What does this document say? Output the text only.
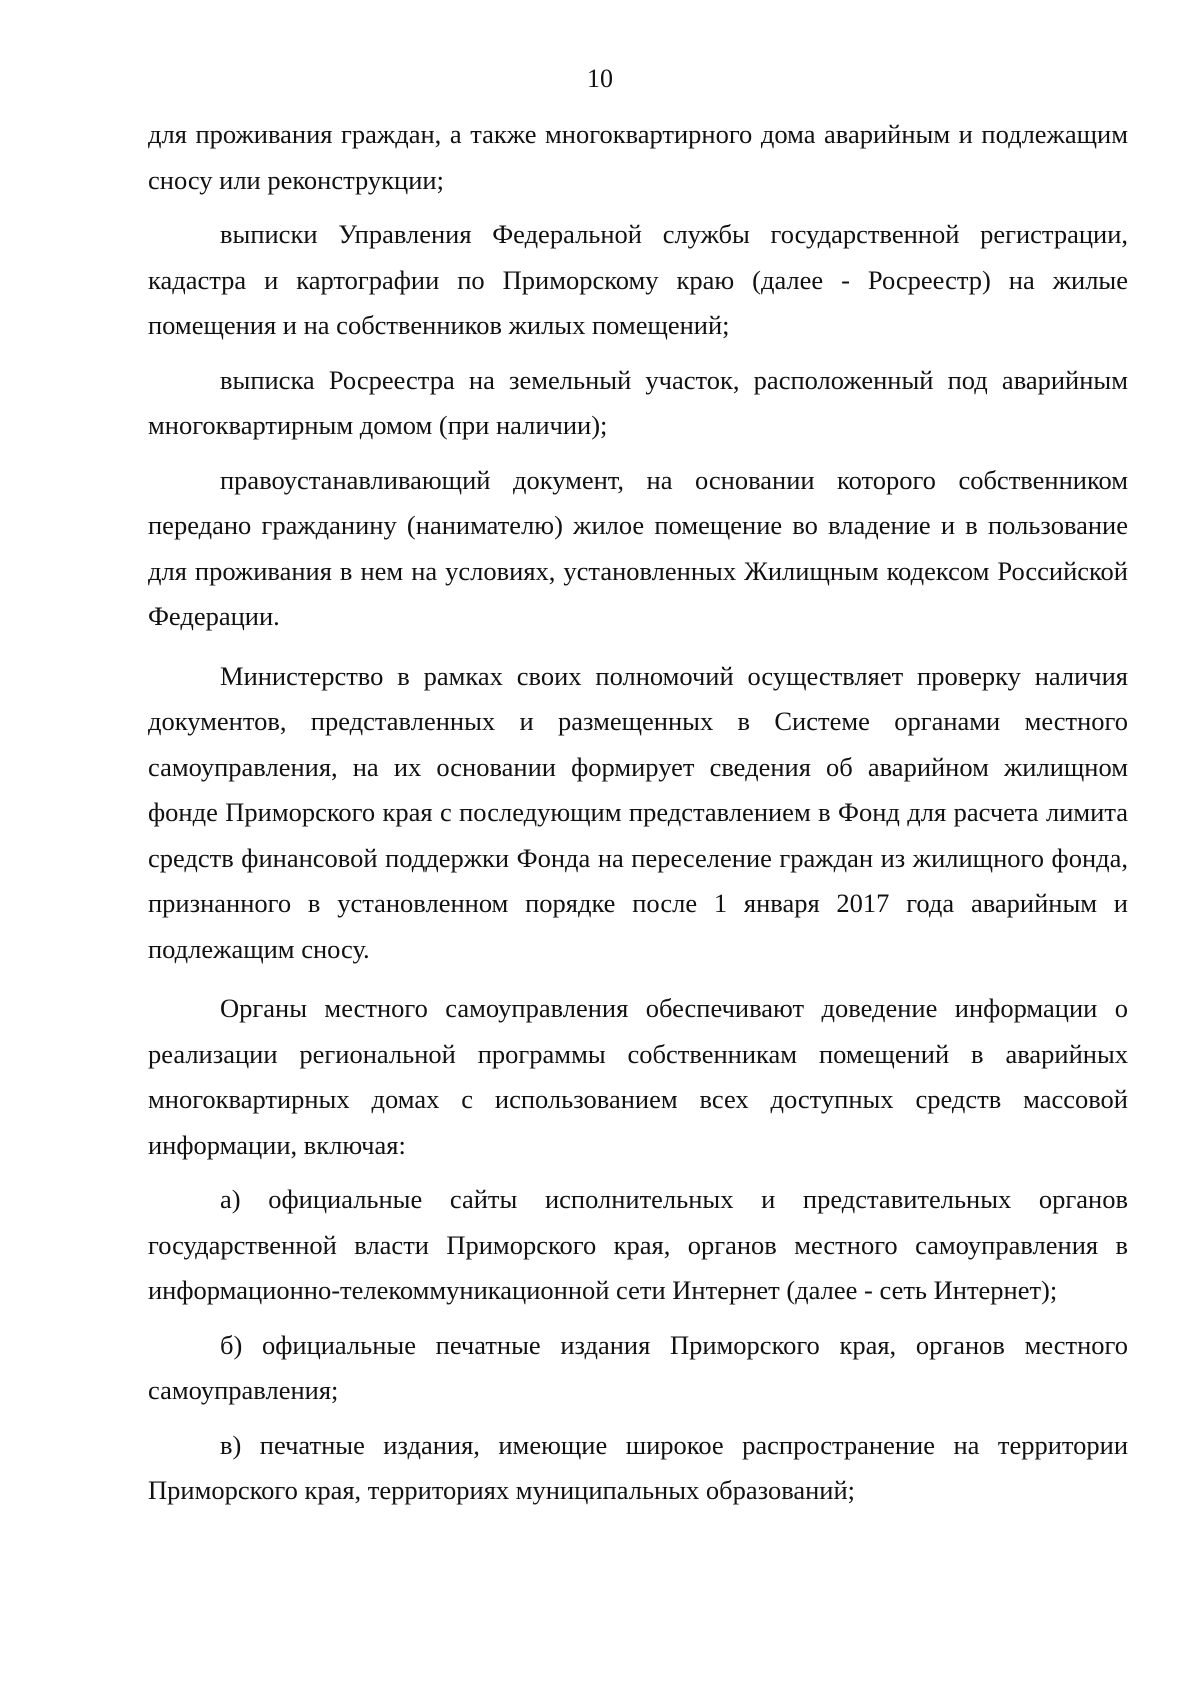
10

для проживания граждан, а также многоквартирного дома аварийным и подлежащим сносу или реконструкции;

выписки Управления Федеральной службы государственной регистрации, кадастра и картографии по Приморскому краю (далее - Росреестр) на жилые помещения и на собственников жилых помещений;

выписка Росреестра на земельный участок, расположенный под аварийным многоквартирным домом (при наличии);

правоустанавливающий документ, на основании которого собственником передано гражданину (нанимателю) жилое помещение во владение и в пользование для проживания в нем на условиях, установленных Жилищным кодексом Российской Федерации.

Министерство в рамках своих полномочий осуществляет проверку наличия документов, представленных и размещенных в Системе органами местного самоуправления, на их основании формирует сведения об аварийном жилищном фонде Приморского края с последующим представлением в Фонд для расчета лимита средств финансовой поддержки Фонда на переселение граждан из жилищного фонда, признанного в установленном порядке после 1 января 2017 года аварийным и подлежащим сносу.

Органы местного самоуправления обеспечивают доведение информации о реализации региональной программы собственникам помещений в аварийных многоквартирных домах с использованием всех доступных средств массовой информации, включая:

а) официальные сайты исполнительных и представительных органов государственной власти Приморского края, органов местного самоуправления в информационно-телекоммуникационной сети Интернет (далее - сеть Интернет);

б) официальные печатные издания Приморского края, органов местного самоуправления;

в) печатные издания, имеющие широкое распространение на территории Приморского края, территориях муниципальных образований;
